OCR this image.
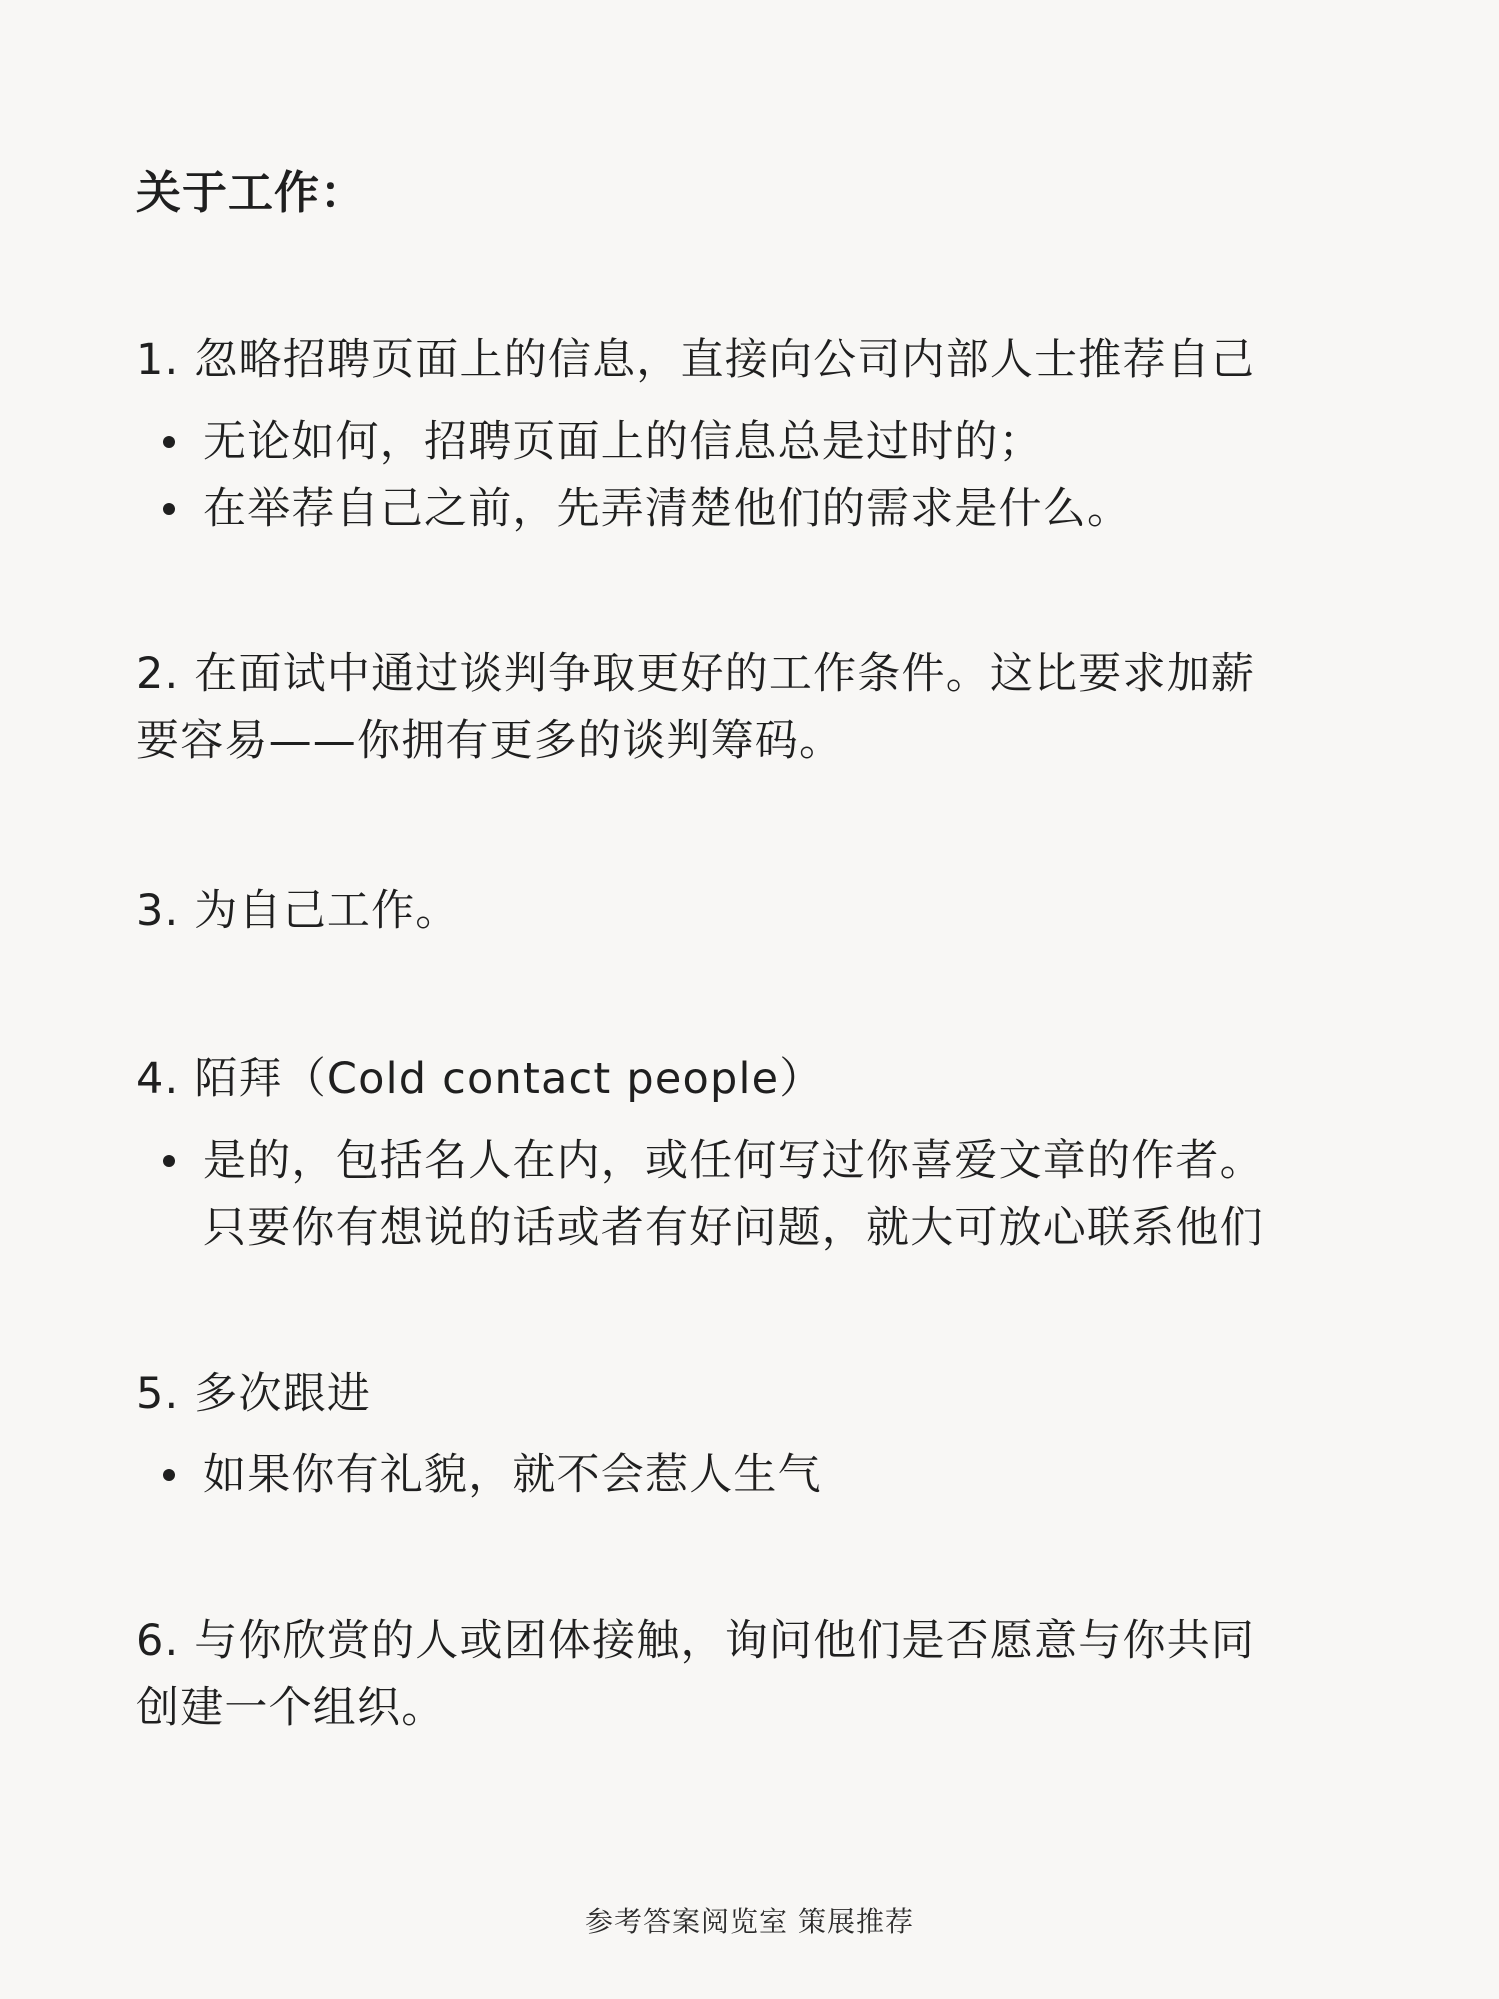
关于工作：
1. 忽略招聘页面上的信息，直接向公司内部人士推荐自己
无论如何，招聘页面上的信息总是过时的；
在举荐自己之前，先弄清楚他们的需求是什么。
2. 在面试中通过谈判争取更好的工作条件。这比要求加薪
要容易——你拥有更多的谈判筹码。
3. 为自己工作。
4. 陌拜（Cold contact people）
是的，包括名人在内，或任何写过你喜爱文章的作者。
只要你有想说的话或者有好问题，就大可放心联系他们
5. 多次跟进
如果你有礼貌，就不会惹人生气
6. 与你欣赏的人或团体接触，询问他们是否愿意与你共同
创建一个组织。
参考答案阅览室 策展推荐
